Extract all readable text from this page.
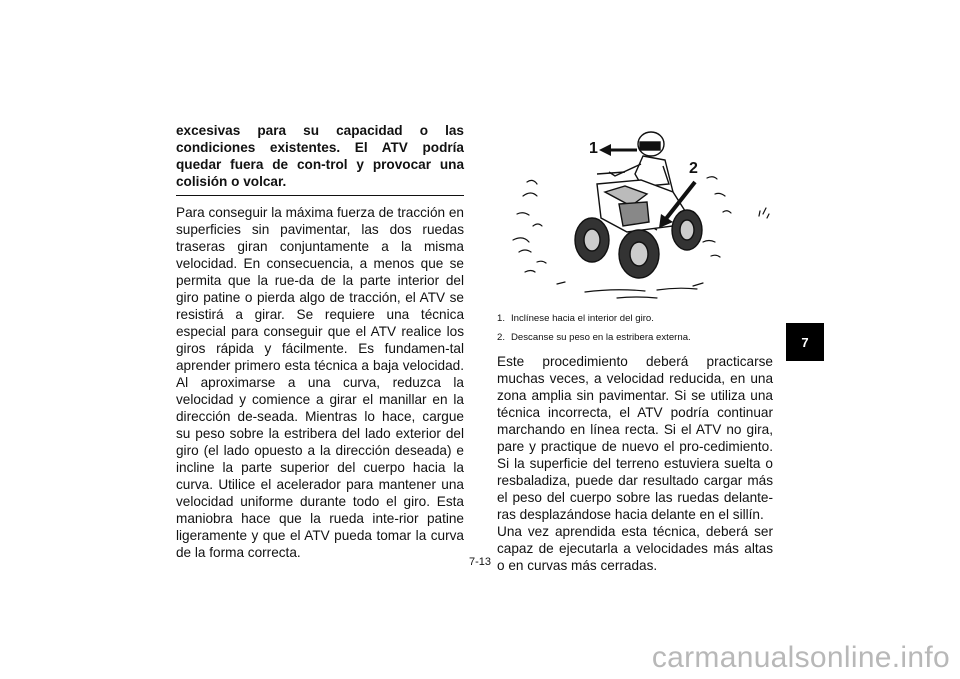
excesivas para su capacidad o las condiciones existentes. El ATV podría quedar fuera de con-trol y provocar una colisión o volcar.

Para conseguir la máxima fuerza de tracción en superficies sin pavimentar, las dos ruedas traseras giran conjuntamente a la misma velocidad. En consecuencia, a menos que se permita que la rue-da de la parte interior del giro patine o pierda algo de tracción, el ATV se resistirá a girar. Se requiere una técnica especial para conseguir que el ATV realice los giros rápida y fácilmente. Es fundamen-tal aprender primero esta técnica a baja velocidad. Al aproximarse a una curva, reduzca la velocidad y comience a girar el manillar en la dirección de-seada. Mientras lo hace, cargue su peso sobre la estribera del lado exterior del giro (el lado opuesto a la dirección deseada) e incline la parte superior del cuerpo hacia la curva. Utilice el acelerador para mantener una velocidad uniforme durante todo el giro. Esta maniobra hace que la rueda inte-rior patine ligeramente y que el ATV pueda tomar la curva de la forma correcta.

1
2
1. Inclínese hacia el interior del giro.
2. Descanse su peso en la estribera externa.

Este procedimiento deberá practicarse muchas veces, a velocidad reducida, en una zona amplia sin pavimentar. Si se utiliza una técnica incorrecta, el ATV podría continuar marchando en línea recta. Si el ATV no gira, pare y practique de nuevo el pro-cedimiento. Si la superficie del terreno estuviera suelta o resbaladiza, puede dar resultado cargar más el peso del cuerpo sobre las ruedas delante-ras desplazándose hacia delante en el sillín.

Una vez aprendida esta técnica, deberá ser capaz de ejecutarla a velocidades más altas o en curvas más cerradas.

7
7-13
carmanualsonline.info
